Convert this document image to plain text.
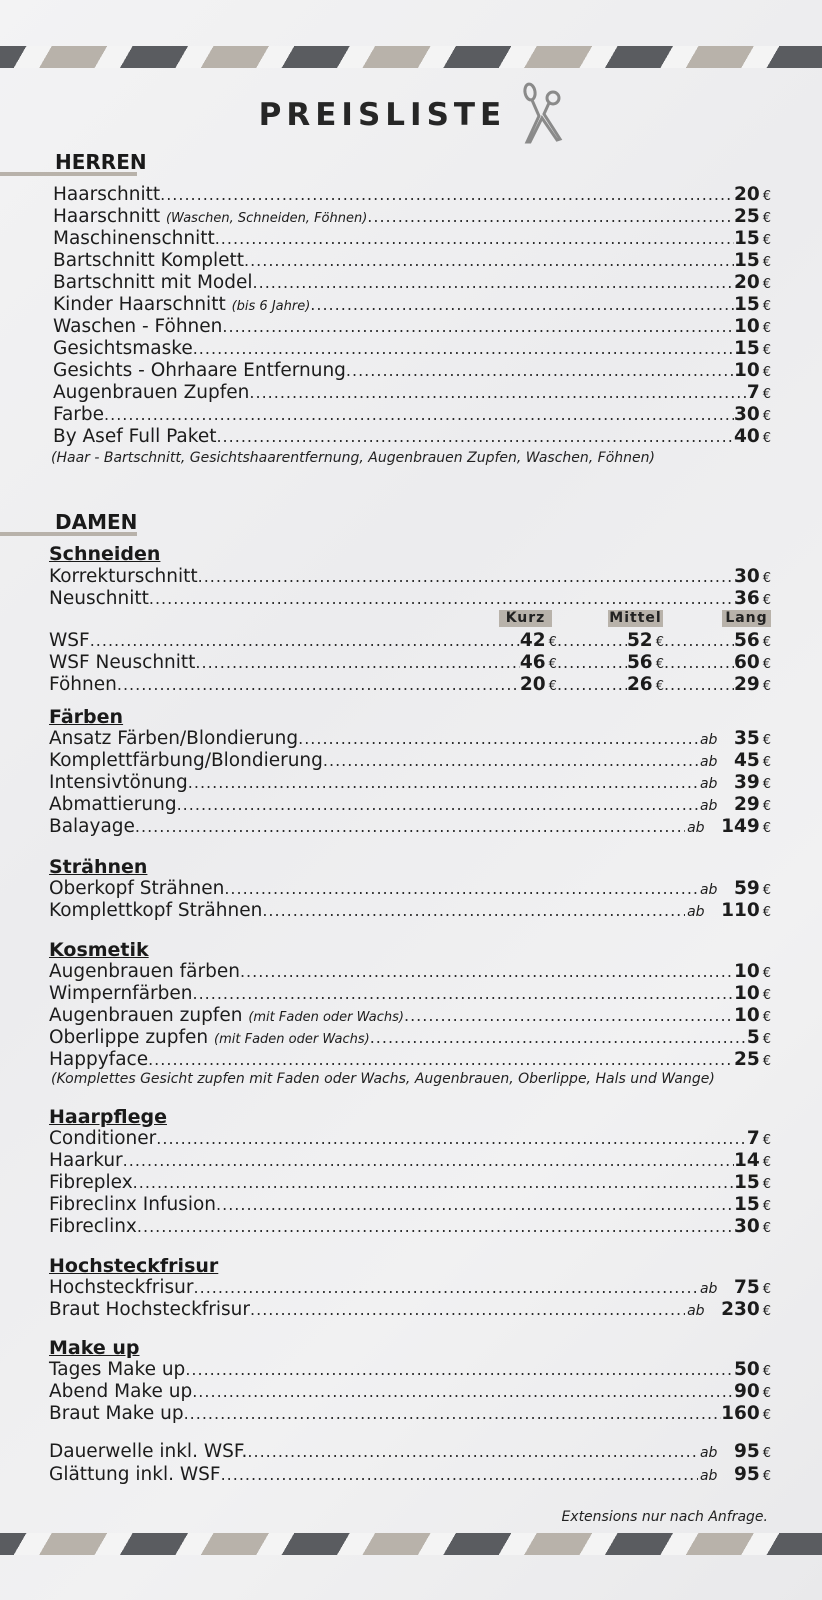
PREISLISTE
HERREN
Haarschnitt .....	20 €
Haarschnitt (Waschen, Schneiden, Föhnen) .....	25 €
Maschinenschnitt .....	15 €
Bartschnitt Komplett .....	15 €
Bartschnitt mit Model .....	20 €
Kinder Haarschnitt (bis 6 Jahre) .....	15 €
Waschen - Föhnen .....	10 €
Gesichtsmaske .....	15 €
Gesichts - Ohrhaare Entfernung .....	10 €
Augenbrauen Zupfen .....	7 €
Farbe .....	30 €
By Asef Full Paket .....	40 €
(Haar - Bartschnitt, Gesichtshaarentfernung, Augenbrauen Zupfen, Waschen, Föhnen)
DAMEN
Schneiden
Korrekturschnitt .....	30 €
Neuschnitt .....	36 €
Kurz	Mittel	Lang
WSF .....	42 € .....	52 € .....	56 €
WSF Neuschnitt .....	46 € .....	56 € .....	60 €
Föhnen .....	20 € .....	26 € .....	29 €
Färben
Ansatz Färben/Blondierung .....	ab 35 €
Komplettfärbung/Blondierung .....	ab 45 €
Intensivtönung .....	ab 39 €
Abmattierung .....	ab 29 €
Balayage .....	ab 149 €
Strähnen
Oberkopf Strähnen .....	ab 59 €
Komplettkopf Strähnen .....	ab 110 €
Kosmetik
Augenbrauen färben .....	10 €
Wimpernfärben .....	10 €
Augenbrauen zupfen (mit Faden oder Wachs) .....	10 €
Oberlippe zupfen (mit Faden oder Wachs) .....	5 €
Happyface .....	25 €
(Komplettes Gesicht zupfen mit Faden oder Wachs, Augenbrauen, Oberlippe, Hals und Wange)
Haarpflege
Conditioner .....	7 €
Haarkur .....	14 €
Fibreplex .....	15 €
Fibreclinx Infusion .....	15 €
Fibreclinx .....	30 €
Hochsteckfrisur
Hochsteckfrisur .....	ab 75 €
Braut Hochsteckfrisur .....	ab 230 €
Make up
Tages Make up .....	50 €
Abend Make up .....	90 €
Braut Make up .....	160 €
Dauerwelle inkl. WSF. .....	ab 95 €
Glättung inkl. WSF .....	ab 95 €
Extensions nur nach Anfrage.
